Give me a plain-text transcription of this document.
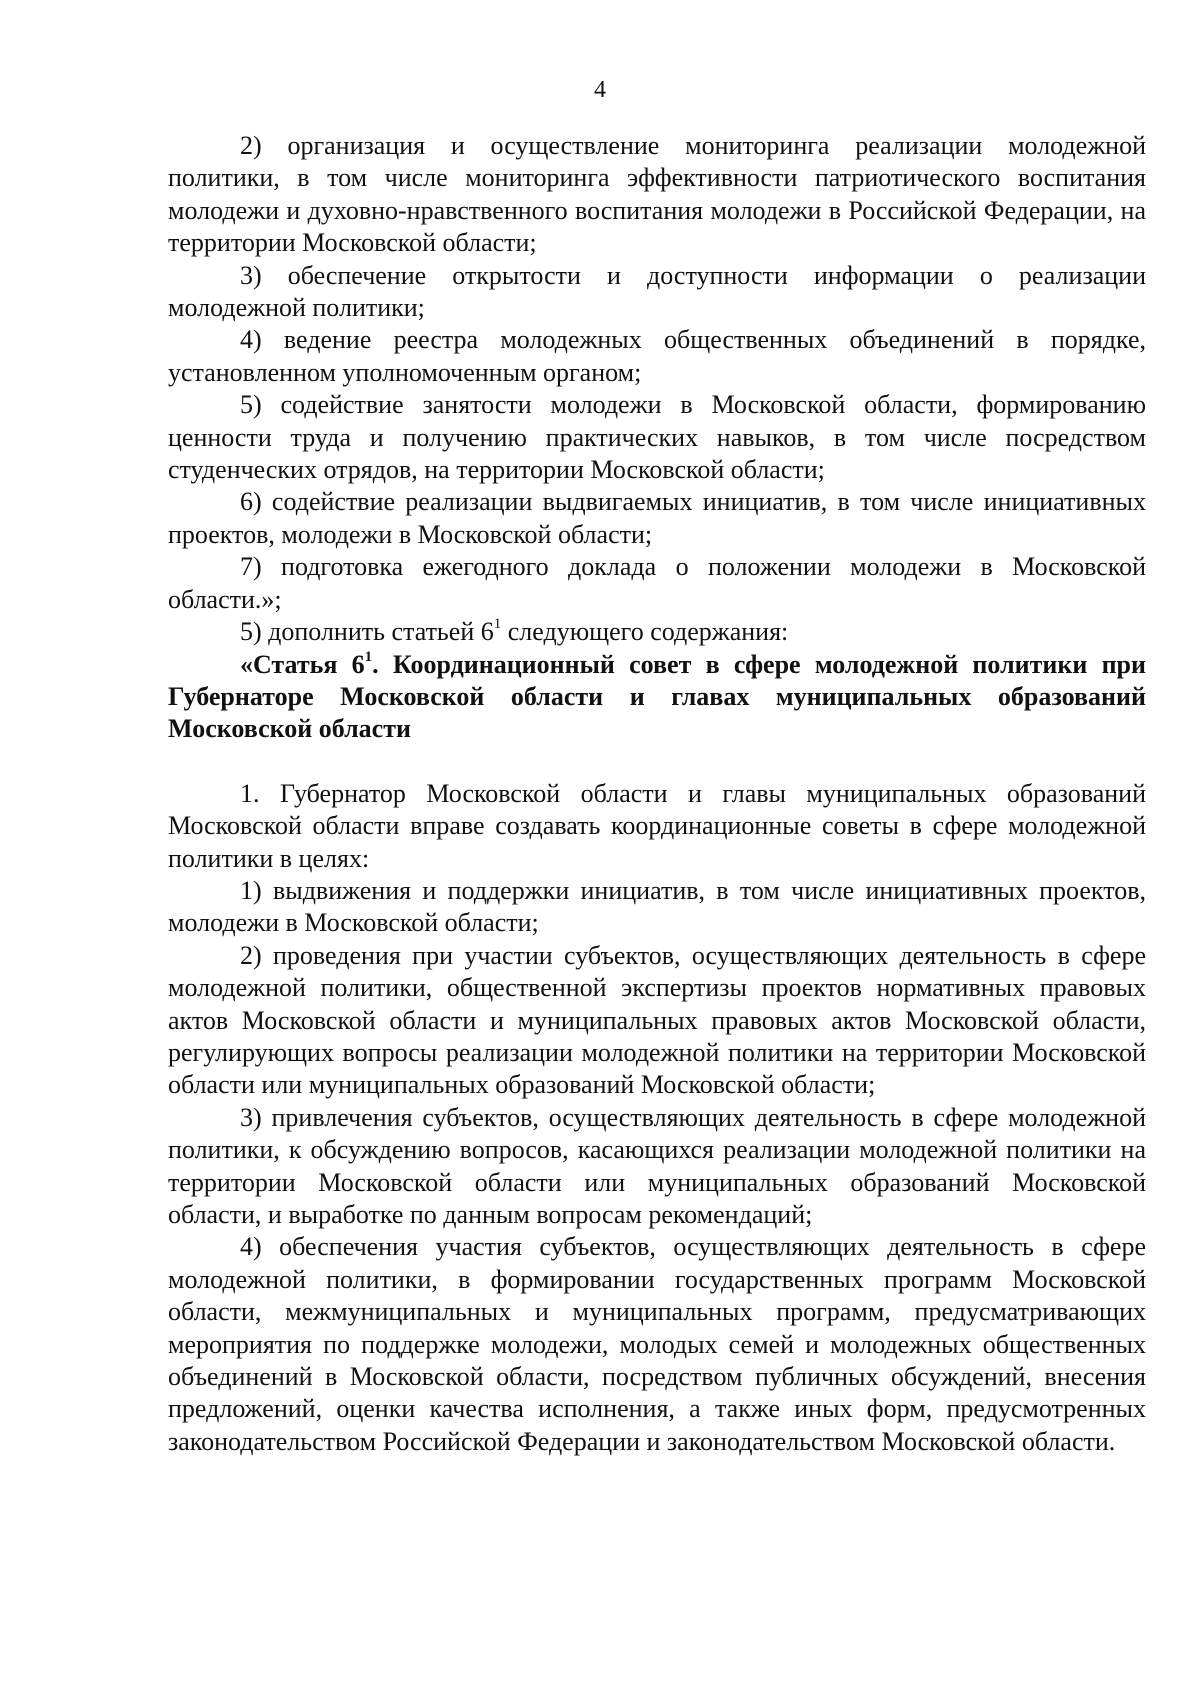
4

2) организация и осуществление мониторинга реализации молодежной политики, в том числе мониторинга эффективности патриотического воспитания молодежи и духовно-нравственного воспитания молодежи в Российской Федерации, на территории Московской области;

3) обеспечение открытости и доступности информации о реализации молодежной политики;

4) ведение реестра молодежных общественных объединений в порядке, установленном уполномоченным органом;

5) содействие занятости молодежи в Московской области, формированию ценности труда и получению практических навыков, в том числе посредством студенческих отрядов, на территории Московской области;

6) содействие реализации выдвигаемых инициатив, в том числе инициативных проектов, молодежи в Московской области;

7) подготовка ежегодного доклада о положении молодежи в Московской области.»;

5) дополнить статьей $6^1$ следующего содержания:

«Статья $6^1$. Координационный совет в сфере молодежной политики при Губернаторе Московской области и главах муниципальных образований Московской области

1. Губернатор Московской области и главы муниципальных образований Московской области вправе создавать координационные советы в сфере молодежной политики в целях:

1) выдвижения и поддержки инициатив, в том числе инициативных проектов, молодежи в Московской области;

2) проведения при участии субъектов, осуществляющих деятельность в сфере молодежной политики, общественной экспертизы проектов нормативных правовых актов Московской области и муниципальных правовых актов Московской области, регулирующих вопросы реализации молодежной политики на территории Московской области или муниципальных образований Московской области;

3) привлечения субъектов, осуществляющих деятельность в сфере молодежной политики, к обсуждению вопросов, касающихся реализации молодежной политики на территории Московской области или муниципальных образований Московской области, и выработке по данным вопросам рекомендаций;

4) обеспечения участия субъектов, осуществляющих деятельность в сфере молодежной политики, в формировании государственных программ Московской области, межмуниципальных и муниципальных программ, предусматривающих мероприятия по поддержке молодежи, молодых семей и молодежных общественных объединений в Московской области, посредством публичных обсуждений, внесения предложений, оценки качества исполнения, а также иных форм, предусмотренных законодательством Российской Федерации и законодательством Московской области.
